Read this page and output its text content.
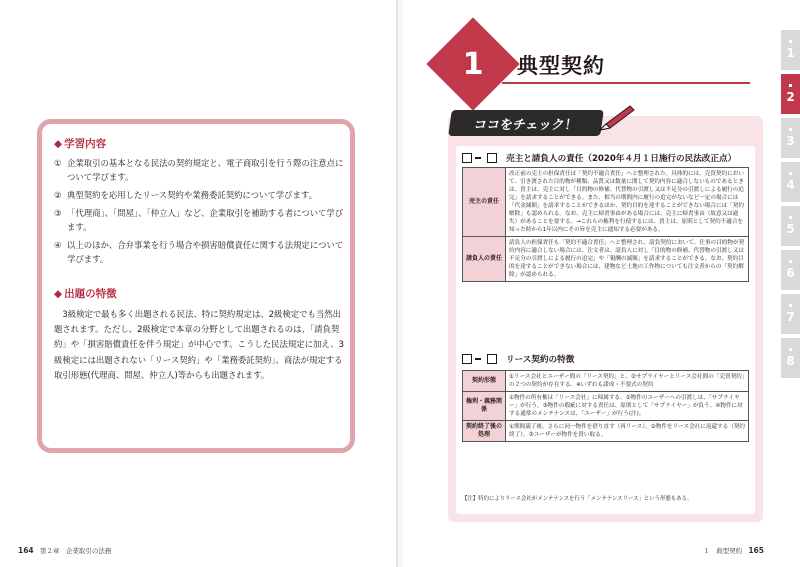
◆ 学習内容
① 企業取引の基本となる民法の契約規定と、電子商取引を行う際の注意点について学びます。
② 典型契約を応用したリース契約や業務委託契約について学びます。
③ 「代理商」、「問屋」、「仲立人」など、企業取引を補助する者について学びます。
④ 以上のほか、合弁事業を行う場合や損害賠償責任に関する法規定について学びます。
◆ 出題の特徴
3級検定で最も多く出題される民法、特に契約規定は、2級検定でも当然出題されます。ただし、2級検定で本章の分野として出題されるのは、「請負契約」や「損害賠償責任を伴う規定」が中心です。こうした民法規定に加え、3級検定には出題されない「リース契約」や「業務委託契約」、商法が規定する取引形態(代理商、問屋、仲立人)等からも出題されます。
164 第２章　企業取引の法務
1	典型契約
ココをチェック！
売主と請負人の責任（2020年４月１日施行の民法改正点）
売主の責任	改正前の売主の担保責任は「契約不適合責任」へと整理された。具体的には、売買契約において、引き渡された目的物が種類、品質又は数量に関して契約内容に適合しないものであるときは、買主は、売主に対し「目的物の修補、代替物の引渡し又は不足分の引渡しによる履行の追完」を請求することができる。また、相当の期間内に履行の追完がないなど一定の場合には「代金減額」を請求することができるほか、契約目的を達することができない場合には「契約解除」も認められる。なお、売主に帰責事由がある場合には、売主に帰責事由（故意又は過失）があることを要する。→これらの権利を行使するには、買主は、原則として契約不適合を知った時から1年以内にその旨を売主に通知する必要がある。
請負人の責任	請負人の担保責任も「契約不適合責任」へと整理され、請負契約において、仕事の目的物が契約内容に適合しない場合には、注文者は、請負人に対し「目的物の修補、代替物の引渡し又は不足分の引渡しによる履行の追完」や「報酬の減額」を請求することができる。なお、契約目的を達することができない場合には、建物など土地の工作物についても注文者からの「契約解除」が認められる。
リース契約の特徴
契約形態	①リース会社とユーザー間の「リース契約」と、②サプライヤーとリース会社間の「売買契約」の２つの契約が存在する。※いずれも諾成・不要式の契約
権利・義務関係	①物件の所有権は「リース会社」に帰属する。②物件のユーザーへの引渡しは、「サプライヤー」が行う。③物件の瑕疵に対する責任は、原則として「サプライヤー」が負う。④物件に対する通常のメンテナンスは、「ユーザー」が行う(注)。
契約終了後の処理	①期間満了後、さらに同一物件を借り直す（再リース）。②物件をリース会社に返還する（契約終了）。③ユーザーが物件を買い取る。
【注】特約によりリース会社がメンテナンスを行う「メンテナンスリース」という形態もある。
１　典型契約 165
1
2
3
4
5
6
7
8
